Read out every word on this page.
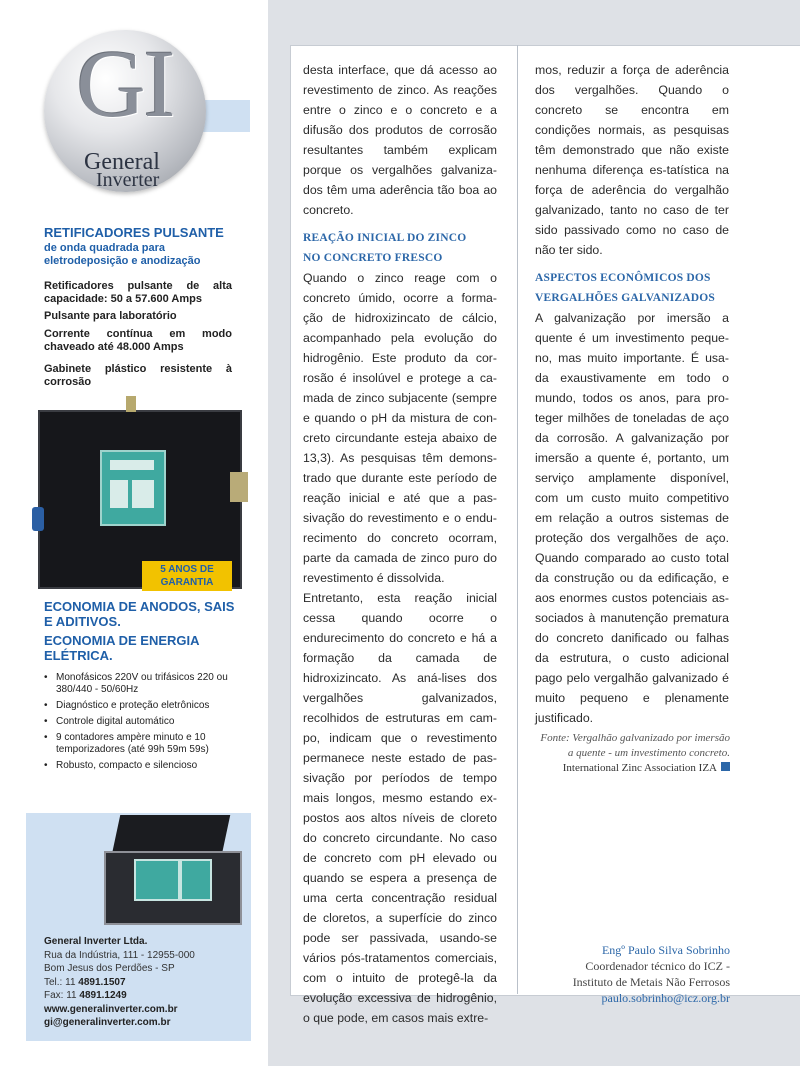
GI
General
Inverter
RETIFICADORES PULSANTE
de onda quadrada para eletrodeposição e anodização
Retificadores pulsante de alta capacidade: 50 a 57.600 Amps
Pulsante para laboratório
Corrente contínua em modo chaveado até 48.000 Amps
Gabinete plástico resistente à corrosão
5 ANOS DE GARANTIA
ECONOMIA DE ANODOS, SAIS E ADITIVOS.
ECONOMIA DE ENERGIA ELÉTRICA.
• Monofásicos 220V ou trifásicos 220 ou 380/440 - 50/60Hz
• Diagnóstico e proteção eletrônicos
• Controle digital automático
• 9 contadores ampère minuto e 10 temporizadores (até 99h 59m 59s)
• Robusto, compacto e silencioso
General Inverter Ltda.
Rua da Indústria, 111 - 12955-000
Bom Jesus dos Perdões - SP
Tel.: 11 4891.1507
Fax: 11 4891.1249
www.generalinverter.com.br
gi@generalinverter.com.br

desta interface, que dá acesso ao revestimento de zinco. As reações entre o zinco e o concreto e a difusão dos produtos de corrosão resultantes também explicam porque os vergalhões galvaniza-dos têm uma aderência tão boa ao concreto.

REAÇÃO INICIAL DO ZINCO
NO CONCRETO FRESCO

Quando o zinco reage com o concreto úmido, ocorre a forma-ção de hidroxizincato de cálcio, acompanhado pela evolução do hidrogênio. Este produto da cor-rosão é insolúvel e protege a ca-mada de zinco subjacente (sempre e quando o pH da mistura de con-creto circundante esteja abaixo de 13,3). As pesquisas têm demons-trado que durante este período de reação inicial e até que a pas-sivação do revestimento e o endu-recimento do concreto ocorram, parte da camada de zinco puro do revestimento é dissolvida.

Entretanto, esta reação inicial cessa quando ocorre o endurecimento do concreto e há a formação da camada de hidroxizincato. As aná-lises dos vergalhões galvanizados, recolhidos de estruturas em cam-po, indicam que o revestimento permanece neste estado de pas-sivação por períodos de tempo mais longos, mesmo estando ex-postos aos altos níveis de cloreto do concreto circundante. No caso de concreto com pH elevado ou quando se espera a presença de uma certa concentração residual de cloretos, a superfície do zinco pode ser passivada, usando-se vários pós-tratamentos comerciais, com o intuito de protegê-la da evolução excessiva de hidrogênio, o que pode, em casos mais extre-

mos, reduzir a força de aderência dos vergalhões. Quando o concreto se encontra em condições normais, as pesquisas têm demonstrado que não existe nenhuma diferença es-tatística na força de aderência do vergalhão galvanizado, tanto no caso de ter sido passivado como no caso de não ter sido.

ASPECTOS ECONÔMICOS DOS
VERGALHÕES GALVANIZADOS

A galvanização por imersão a quente é um investimento peque-no, mas muito importante. É usa-da exaustivamente em todo o mundo, todos os anos, para pro-teger milhões de toneladas de aço da corrosão. A galvanização por imersão a quente é, portanto, um serviço amplamente disponível, com um custo muito competitivo em relação a outros sistemas de proteção dos vergalhões de aço. Quando comparado ao custo total da construção ou da edificação, e aos enormes custos potenciais as-sociados à manutenção prematura do concreto danificado ou falhas da estrutura, o custo adicional pago pelo vergalhão galvanizado é muito pequeno e plenamente justificado.

Fonte: Vergalhão galvanizado por imersão a quente - um investimento concreto. International Zinc Association IZA
Engº Paulo Silva Sobrinho
Coordenador técnico do ICZ -
Instituto de Metais Não Ferrosos
paulo.sobrinho@icz.org.br
